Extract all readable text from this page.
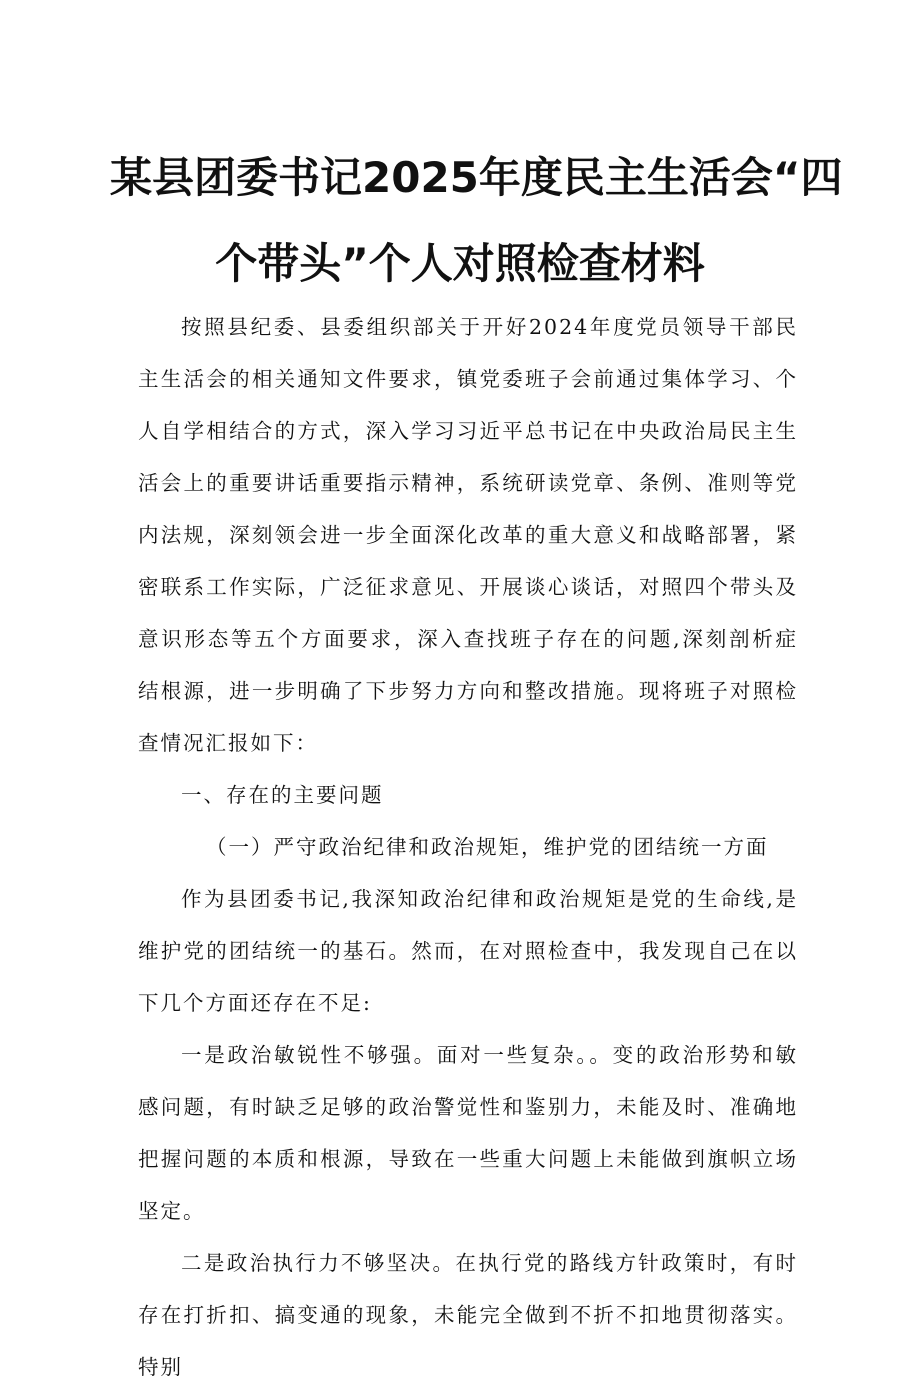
某县团委书记2025年度民主生活会“四
个带头”个人对照检查材料

按照县纪委、县委组织部关于开好2024年度党员领导干部民主生活会的相关通知文件要求，镇党委班子会前通过集体学习、个人自学相结合的方式，深入学习习近平总书记在中央政治局民主生活会上的重要讲话重要指示精神，系统研读党章、条例、准则等党内法规，深刻领会进一步全面深化改革的重大意义和战略部署，紧密联系工作实际，广泛征求意见、开展谈心谈话，对照四个带头及意识形态等五个方面要求，深入查找班子存在的问题,深刻剖析症结根源，进一步明确了下步努力方向和整改措施。现将班子对照检查情况汇报如下：

一、存在的主要问题

（一）严守政治纪律和政治规矩，维护党的团结统一方面

作为县团委书记,我深知政治纪律和政治规矩是党的生命线,是维护党的团结统一的基石。然而，在对照检查中，我发现自己在以下几个方面还存在不足:

一是政治敏锐性不够强。面对一些复杂。。变的政治形势和敏感问题，有时缺乏足够的政治警觉性和鉴别力，未能及时、准确地把握问题的本质和根源，导致在一些重大问题上未能做到旗帜立场坚定。

二是政治执行力不够坚决。在执行党的路线方针政策时，有时存在打折扣、搞变通的现象，未能完全做到不折不扣地贯彻落实。特别
